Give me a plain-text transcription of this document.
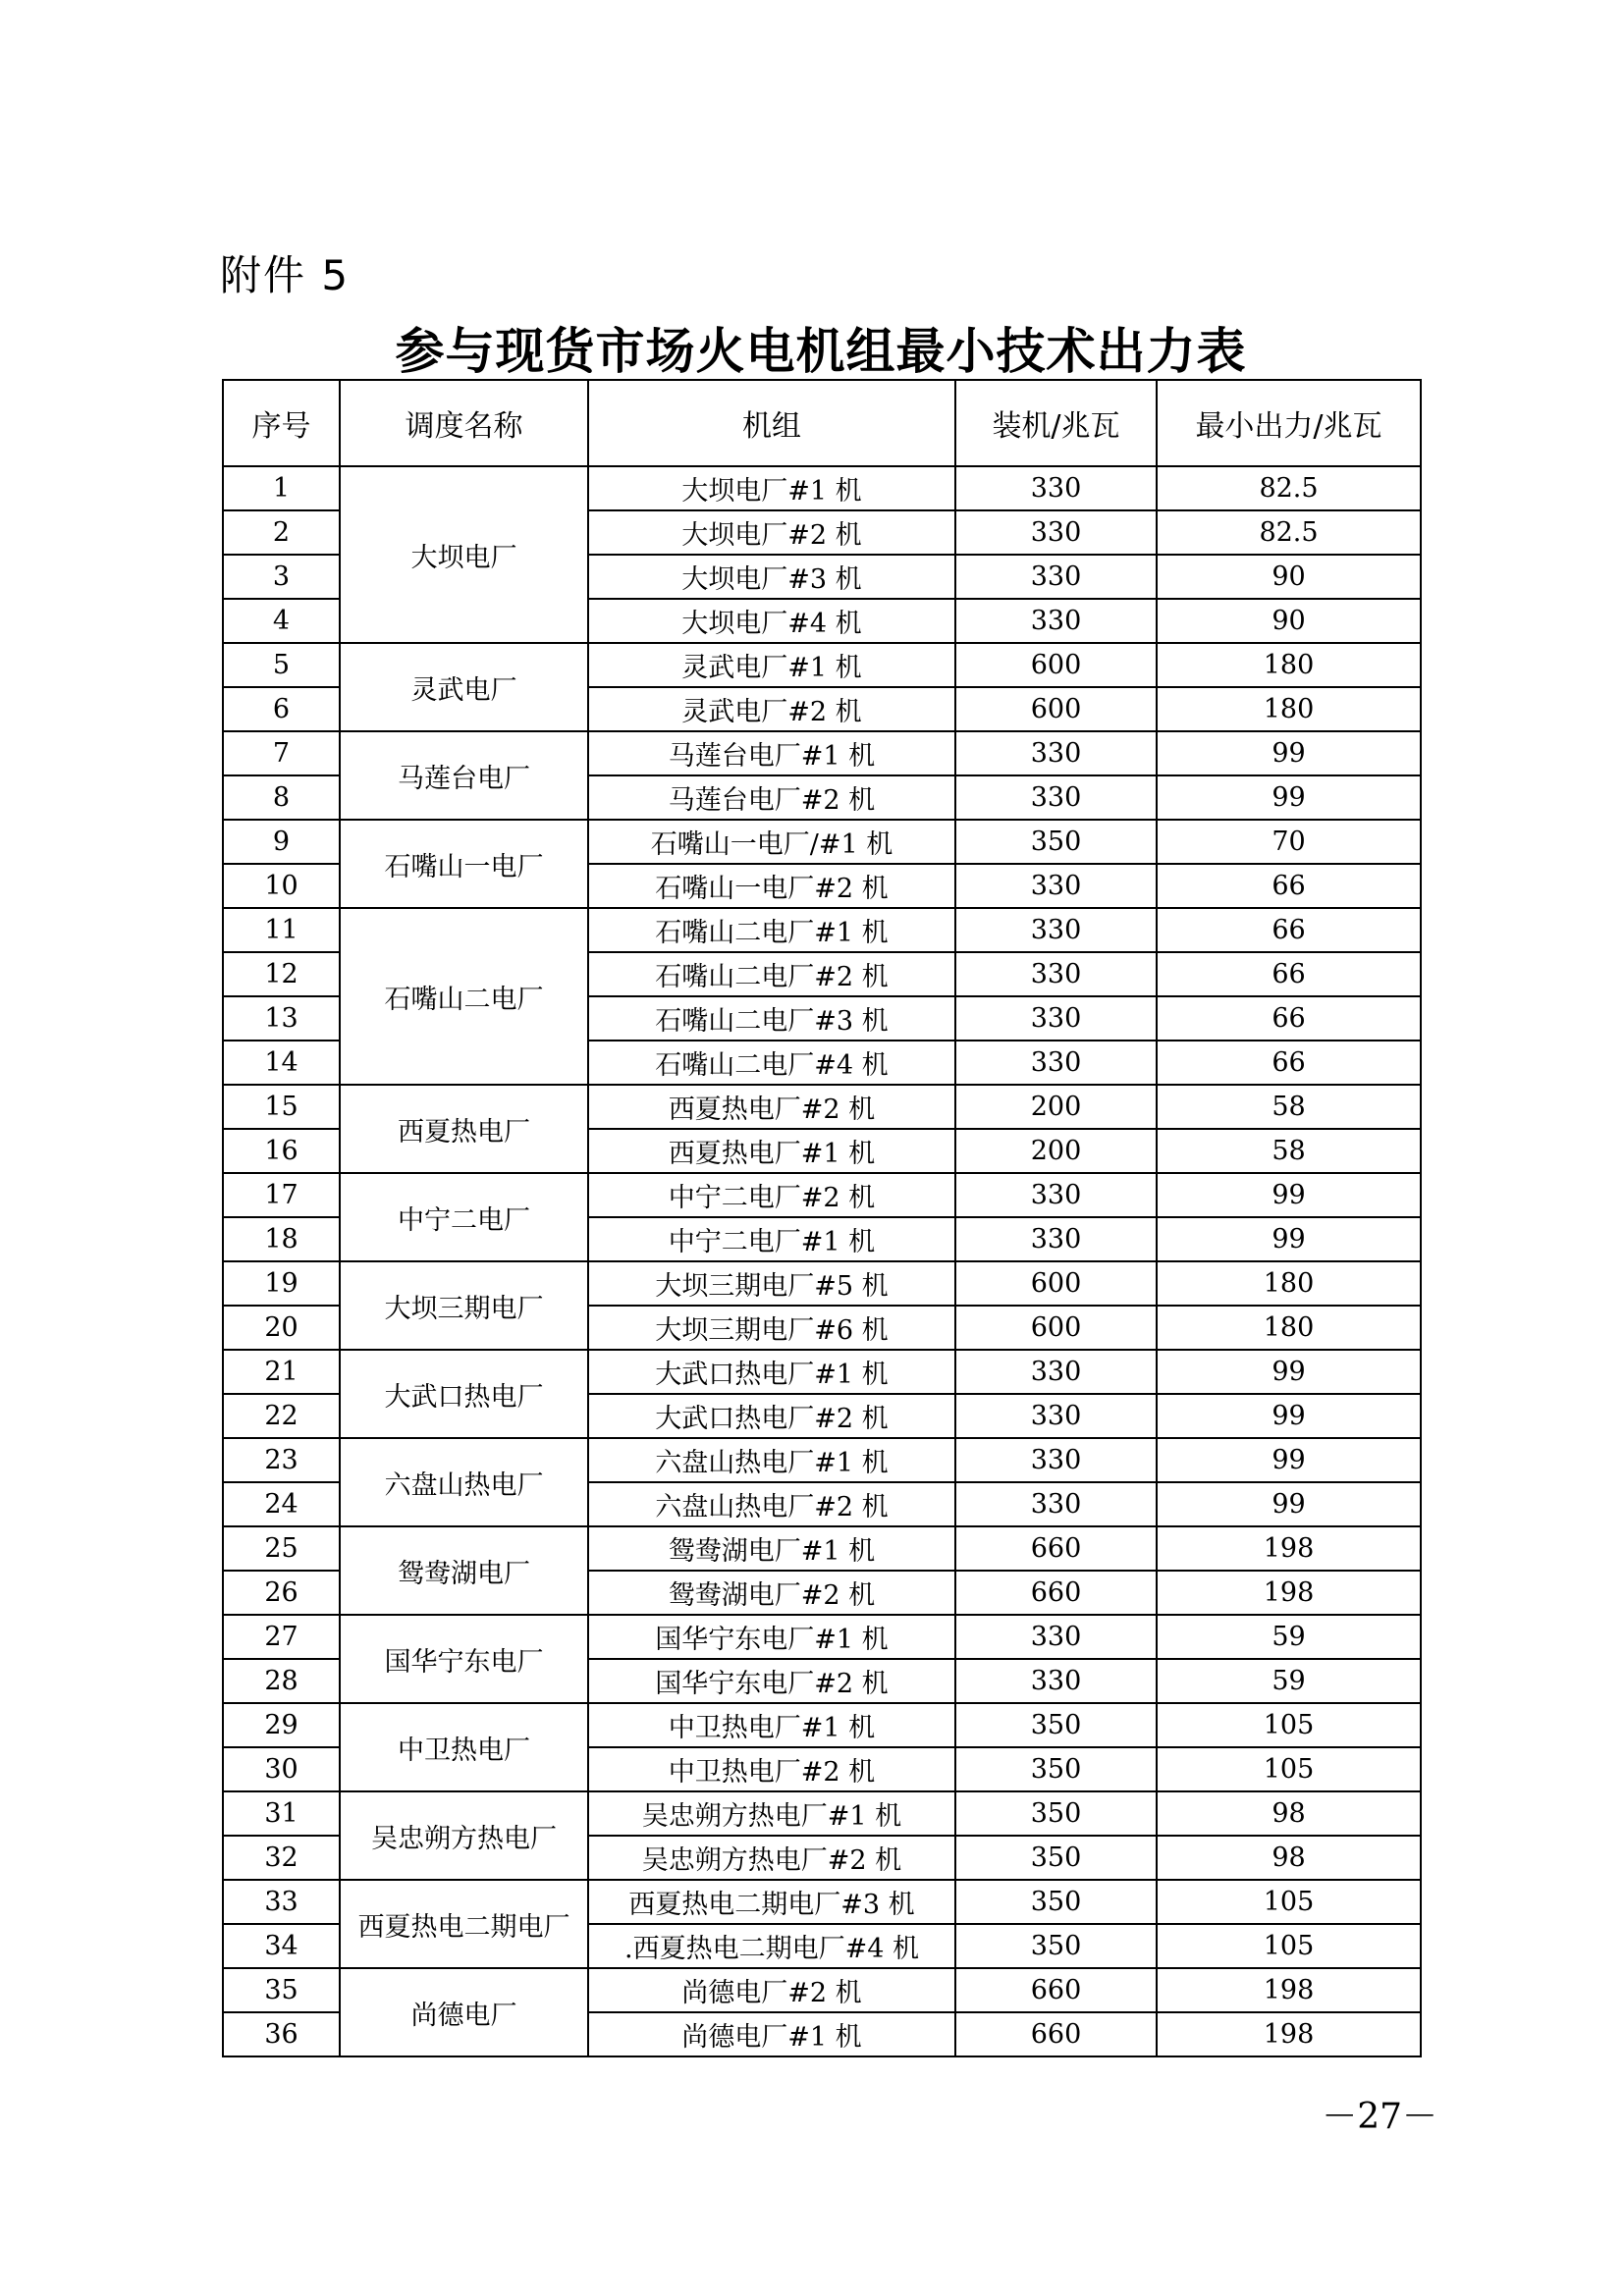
附件 5
参与现货市场火电机组最小技术出力表
序号	调度名称	机组	装机/兆瓦	最小出力/兆瓦
1	大坝电厂	大坝电厂#1 机	330	82.5
2		大坝电厂#2 机	330	82.5
3		大坝电厂#3 机	330	90
4		大坝电厂#4 机	330	90
5	灵武电厂	灵武电厂#1 机	600	180
6		灵武电厂#2 机	600	180
7	马莲台电厂	马莲台电厂#1 机	330	99
8		马莲台电厂#2 机	330	99
9	石嘴山一电厂	石嘴山一电厂/#1 机	350	70
10		石嘴山一电厂#2 机	330	66
11	石嘴山二电厂	石嘴山二电厂#1 机	330	66
12		石嘴山二电厂#2 机	330	66
13		石嘴山二电厂#3 机	330	66
14		石嘴山二电厂#4 机	330	66
15	西夏热电厂	西夏热电厂#2 机	200	58
16		西夏热电厂#1 机	200	58
17	中宁二电厂	中宁二电厂#2 机	330	99
18		中宁二电厂#1 机	330	99
19	大坝三期电厂	大坝三期电厂#5 机	600	180
20		大坝三期电厂#6 机	600	180
21	大武口热电厂	大武口热电厂#1 机	330	99
22		大武口热电厂#2 机	330	99
23	六盘山热电厂	六盘山热电厂#1 机	330	99
24		六盘山热电厂#2 机	330	99
25	鸳鸯湖电厂	鸳鸯湖电厂#1 机	660	198
26		鸳鸯湖电厂#2 机	660	198
27	国华宁东电厂	国华宁东电厂#1 机	330	59
28		国华宁东电厂#2 机	330	59
29	中卫热电厂	中卫热电厂#1 机	350	105
30		中卫热电厂#2 机	350	105
31	吴忠朔方热电厂	吴忠朔方热电厂#1 机	350	98
32		吴忠朔方热电厂#2 机	350	98
33	西夏热电二期电厂	西夏热电二期电厂#3 机	350	105
34		.西夏热电二期电厂#4 机	350	105
35	尚德电厂	尚德电厂#2 机	660	198
36		尚德电厂#1 机	660	198
－27－
